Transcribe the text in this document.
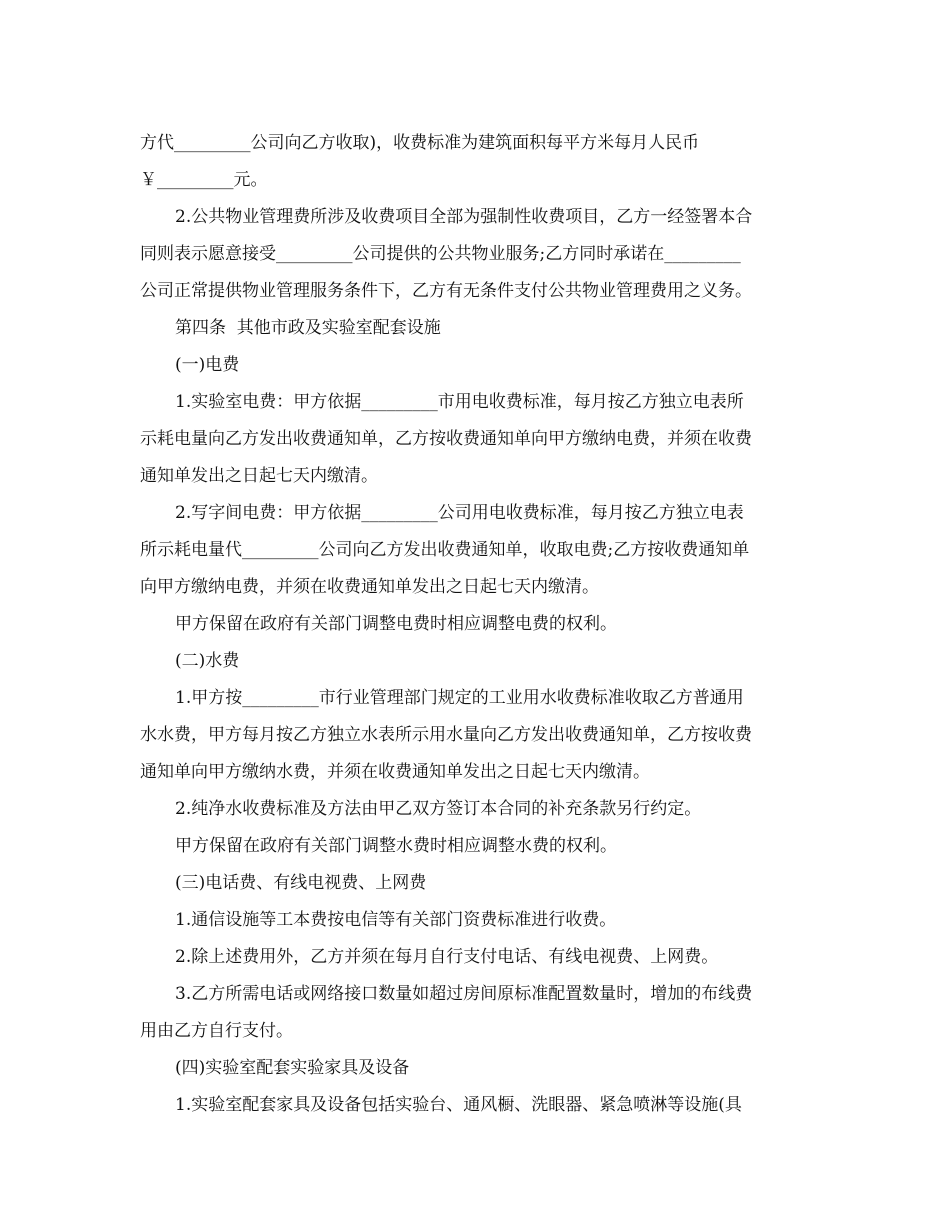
方代_________公司向乙方收取)，收费标准为建筑面积每平方米每月人民币

￥_________元。

2.公共物业管理费所涉及收费项目全部为强制性收费项目，乙方一经签署本合

同则表示愿意接受_________公司提供的公共物业服务;乙方同时承诺在_________

公司正常提供物业管理服务条件下，乙方有无条件支付公共物业管理费用之义务。

第四条  其他市政及实验室配套设施

(一)电费

1.实验室电费：甲方依据_________市用电收费标准，每月按乙方独立电表所

示耗电量向乙方发出收费通知单，乙方按收费通知单向甲方缴纳电费，并须在收费

通知单发出之日起七天内缴清。

2.写字间电费：甲方依据_________公司用电收费标准，每月按乙方独立电表

所示耗电量代_________公司向乙方发出收费通知单，收取电费;乙方按收费通知单

向甲方缴纳电费，并须在收费通知单发出之日起七天内缴清。

甲方保留在政府有关部门调整电费时相应调整电费的权利。

(二)水费

1.甲方按_________市行业管理部门规定的工业用水收费标准收取乙方普通用

水水费，甲方每月按乙方独立水表所示用水量向乙方发出收费通知单，乙方按收费

通知单向甲方缴纳水费，并须在收费通知单发出之日起七天内缴清。

2.纯净水收费标准及方法由甲乙双方签订本合同的补充条款另行约定。

甲方保留在政府有关部门调整水费时相应调整水费的权利。

(三)电话费、有线电视费、上网费

1.通信设施等工本费按电信等有关部门资费标准进行收费。

2.除上述费用外，乙方并须在每月自行支付电话、有线电视费、上网费。

3.乙方所需电话或网络接口数量如超过房间原标准配置数量时，增加的布线费

用由乙方自行支付。

(四)实验室配套实验家具及设备

1.实验室配套家具及设备包括实验台、通风橱、洗眼器、紧急喷淋等设施(具
